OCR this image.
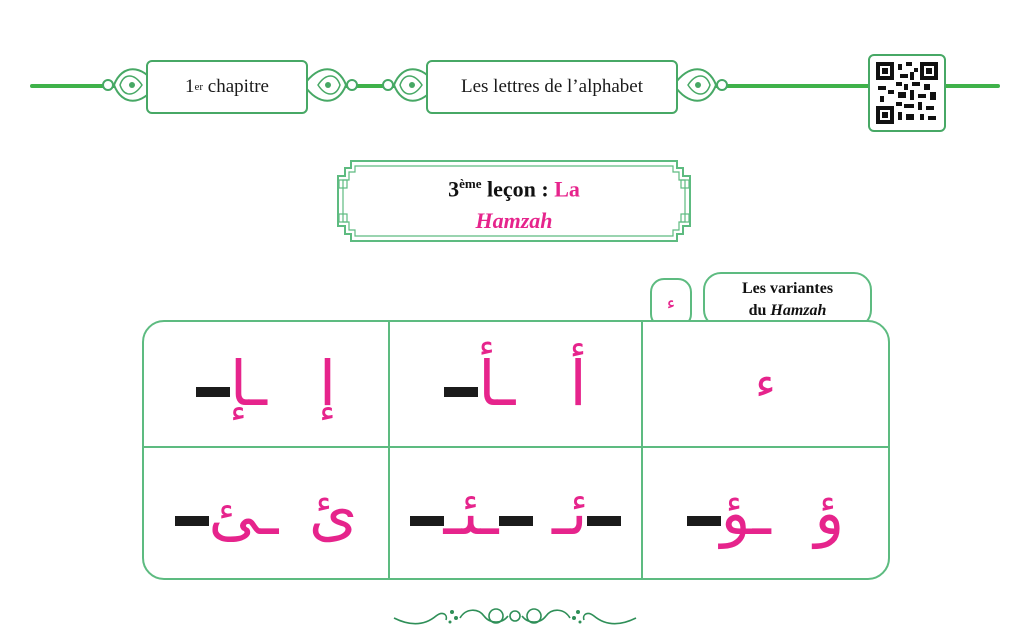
1 er
chapitre	Les lettres de l’alphabet
3ème leçon : La
Hamzah
ء
Les variantes
du Hamzah
ـإ إ ـأ أ	ء
ـئ ئ ـئـ ئـ ـؤ ؤ
